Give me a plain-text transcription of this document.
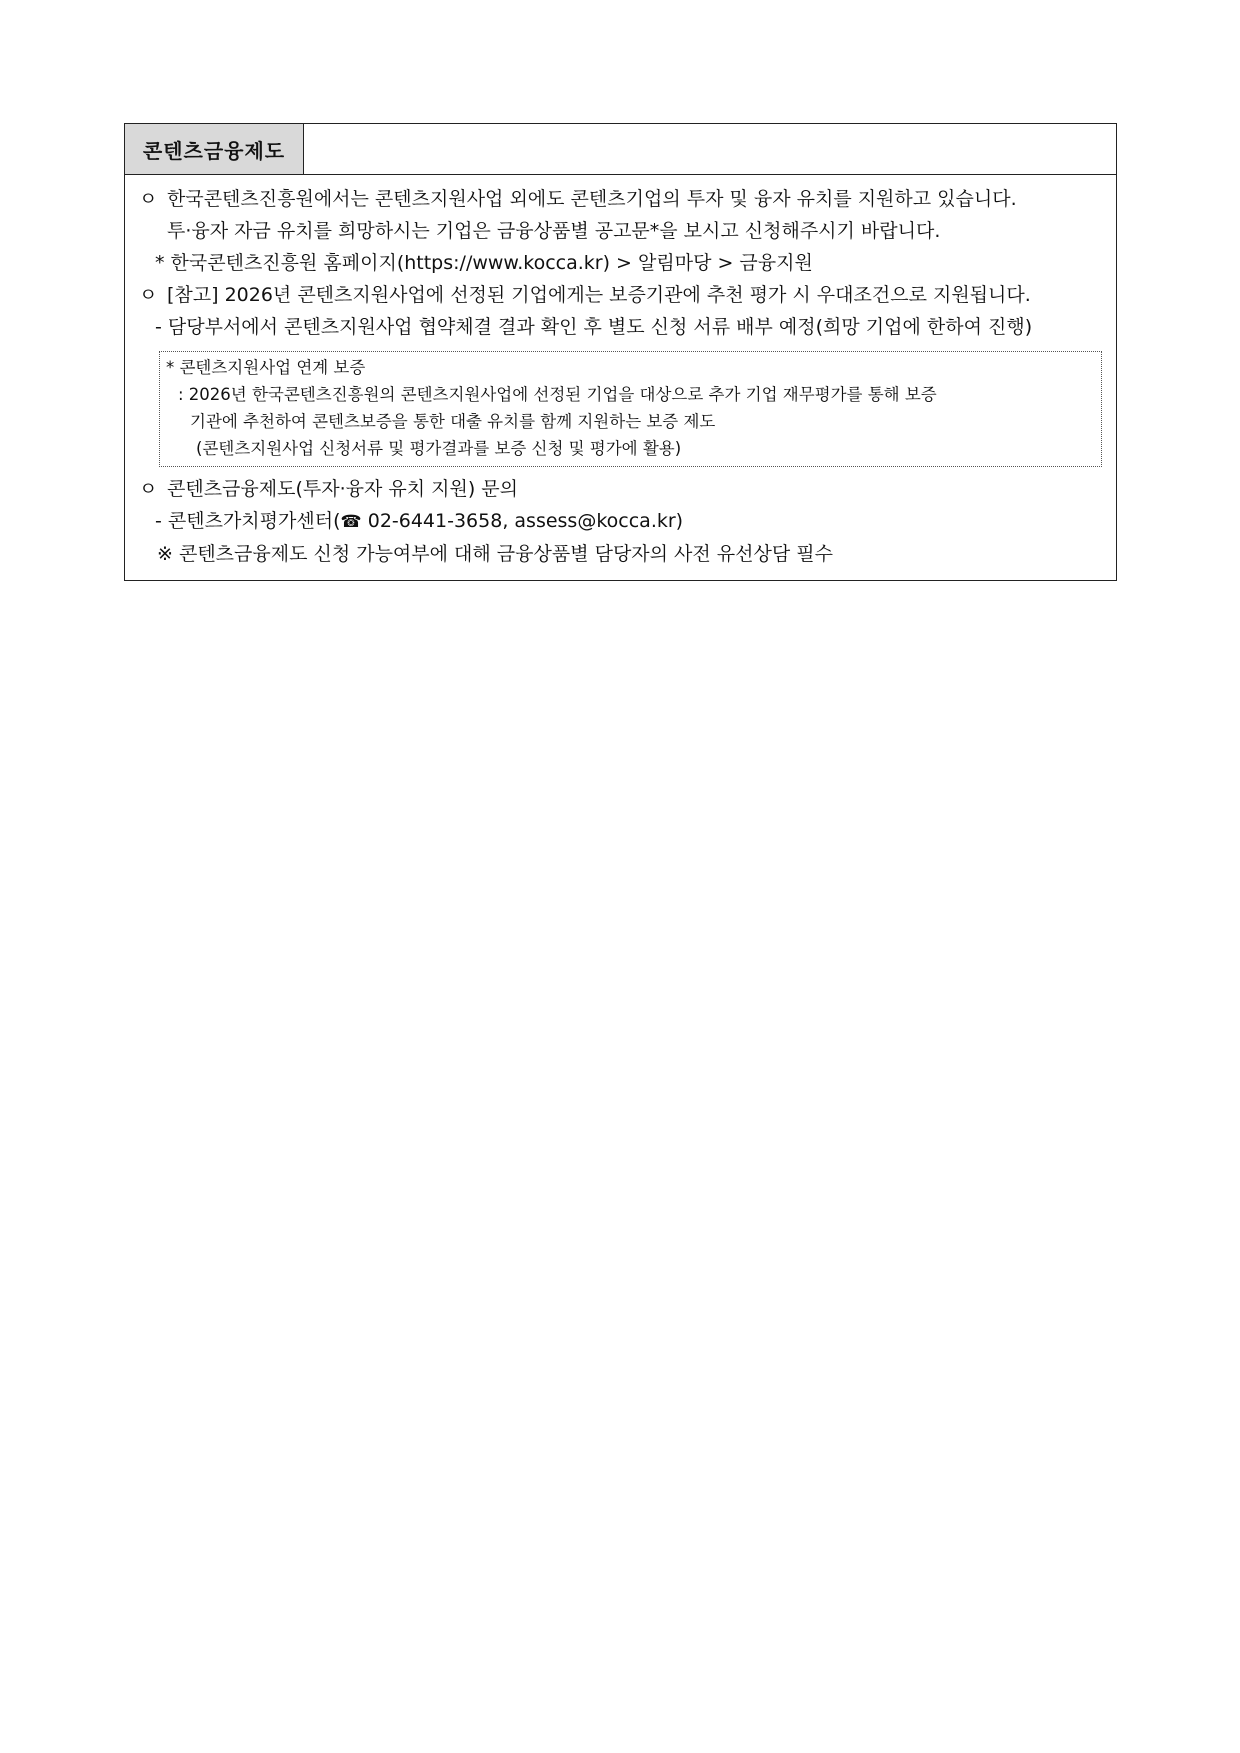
콘텐츠금융제도
ㅇ 한국콘텐츠진흥원에서는 콘텐츠지원사업 외에도 콘텐츠기업의 투자 및 융자 유치를 지원하고 있습니다.
투·융자 자금 유치를 희망하시는 기업은 금융상품별 공고문*을 보시고 신청해주시기 바랍니다.
* 한국콘텐츠진흥원 홈페이지(https://www.kocca.kr) > 알림마당 > 금융지원
ㅇ [참고] 2026년 콘텐츠지원사업에 선정된 기업에게는 보증기관에 추천 평가 시 우대조건으로 지원됩니다.
- 담당부서에서 콘텐츠지원사업 협약체결 결과 확인 후 별도 신청 서류 배부 예정(희망 기업에 한하여 진행)
* 콘텐츠지원사업 연계 보증
: 2026년 한국콘텐츠진흥원의 콘텐츠지원사업에 선정된 기업을 대상으로 추가 기업 재무평가를 통해 보증
기관에 추천하여 콘텐츠보증을 통한 대출 유치를 함께 지원하는 보증 제도
(콘텐츠지원사업 신청서류 및 평가결과를 보증 신청 및 평가에 활용)
ㅇ 콘텐츠금융제도(투자·융자 유치 지원) 문의
- 콘텐츠가치평가센터(☎ 02-6441-3658, assess@kocca.kr)
※ 콘텐츠금융제도 신청 가능여부에 대해 금융상품별 담당자의 사전 유선상담 필수
